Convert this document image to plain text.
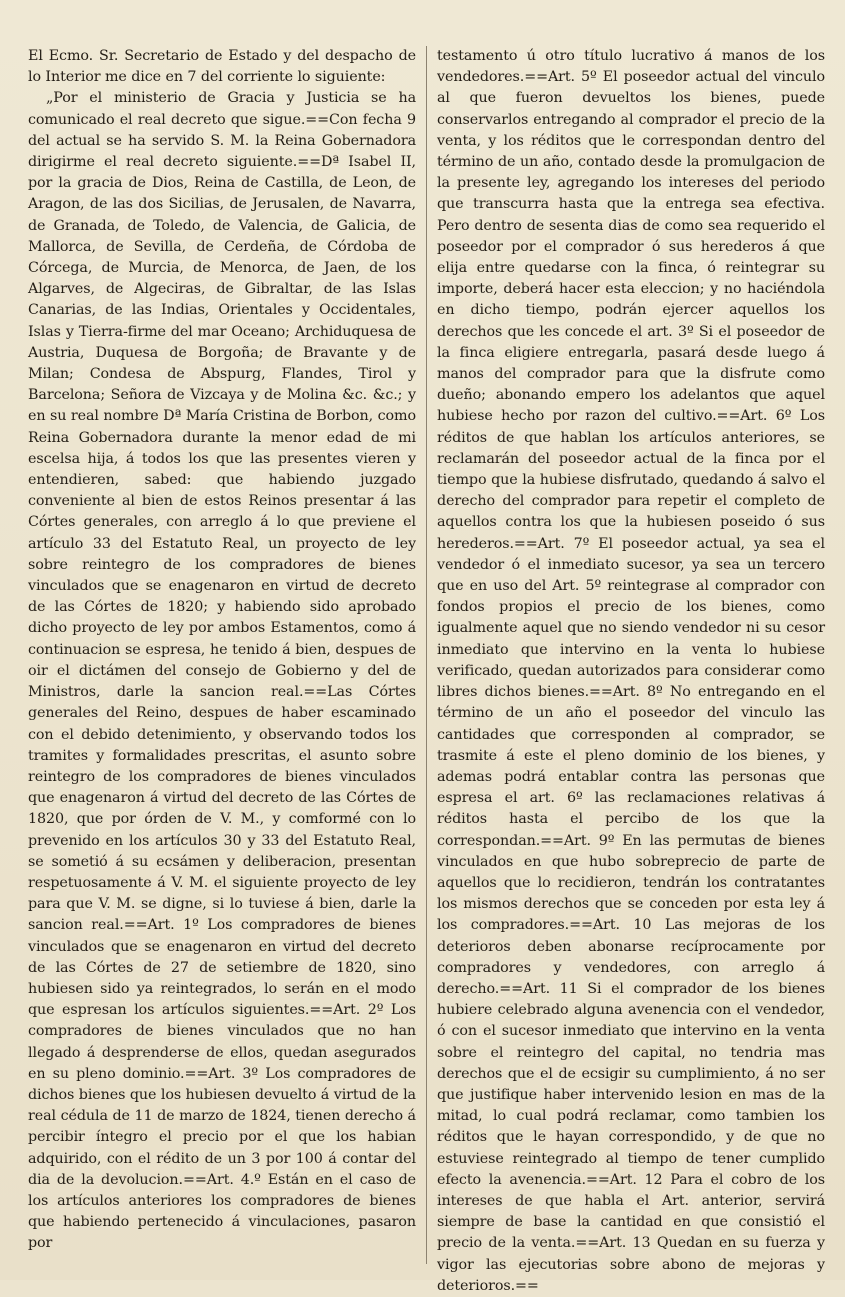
El Ecmo. Sr. Secretario de Estado y del despacho de lo Interior me dice en 7 del corriente lo siguiente:

„Por el ministerio de Gracia y Justicia se ha comunicado el real decreto que sigue.==Con fecha 9 del actual se ha servido S. M. la Reina Gobernadora dirigirme el real decreto siguiente.==Dª Isabel II, por la gracia de Dios, Reina de Castilla, de Leon, de Aragon, de las dos Sicilias, de Jerusalen, de Navarra, de Granada, de Toledo, de Valencia, de Galicia, de Mallorca, de Sevilla, de Cerdeña, de Córdoba de Córcega, de Murcia, de Menorca, de Jaen, de los Algarves, de Algeciras, de Gibraltar, de las Islas Canarias, de las Indias, Orientales y Occidentales, Islas y Tierra-firme del mar Oceano; Archiduquesa de Austria, Duquesa de Borgoña; de Bravante y de Milan; Condesa de Abspurg, Flandes, Tirol y Barcelona; Señora de Vizcaya y de Molina &c. &c.; y en su real nombre Dª María Cristina de Borbon, como Reina Gobernadora durante la menor edad de mi escelsa hija, á todos los que las presentes vieren y entendieren, sabed: que habiendo juzgado conveniente al bien de estos Reinos presentar á las Córtes generales, con arreglo á lo que previene el artículo 33 del Estatuto Real, un proyecto de ley sobre reintegro de los compradores de bienes vinculados que se enagenaron en virtud de decreto de las Córtes de 1820; y habiendo sido aprobado dicho proyecto de ley por ambos Estamentos, como á continuacion se espresa, he tenido á bien, despues de oir el dictámen del consejo de Gobierno y del de Ministros, darle la sancion real.==Las Córtes generales del Reino, despues de haber escaminado con el debido detenimiento, y observando todos los tramites y formalidades prescritas, el asunto sobre reintegro de los compradores de bienes vinculados que enagenaron á virtud del decreto de las Córtes de 1820, que por órden de V. M., y comformé con lo prevenido en los artículos 30 y 33 del Estatuto Real, se sometió á su ecsámen y deliberacion, presentan respetuosamente á V. M. el siguiente proyecto de ley para que V. M. se digne, si lo tuviese á bien, darle la sancion real.==Art. 1º Los compradores de bienes vinculados que se enagenaron en virtud del decreto de las Córtes de 27 de setiembre de 1820, sino hubiesen sido ya reintegrados, lo serán en el modo que espresan los artículos siguientes.==Art. 2º Los compradores de bienes vinculados que no han llegado á desprenderse de ellos, quedan asegurados en su pleno dominio.==Art. 3º Los compradores de dichos bienes que los hubiesen devuelto á virtud de la real cédula de 11 de marzo de 1824, tienen derecho á percibir íntegro el precio por el que los habian adquirido, con el rédito de un 3 por 100 á contar del dia de la devolucion.==Art. 4.º Están en el caso de los artículos anteriores los compradores de bienes que habiendo pertenecido á vinculaciones, pasaron por

testamento ú otro título lucrativo á manos de los vendedores.==Art. 5º El poseedor actual del vinculo al que fueron devueltos los bienes, puede conservarlos entregando al comprador el precio de la venta, y los réditos que le correspondan dentro del término de un año, contado desde la promulgacion de la presente ley, agregando los intereses del periodo que transcurra hasta que la entrega sea efectiva. Pero dentro de sesenta dias de como sea requerido el poseedor por el comprador ó sus herederos á que elija entre quedarse con la finca, ó reintegrar su importe, deberá hacer esta eleccion; y no haciéndola en dicho tiempo, podrán ejercer aquellos los derechos que les concede el art. 3º Si el poseedor de la finca eligiere entregarla, pasará desde luego á manos del comprador para que la disfrute como dueño; abonando empero los adelantos que aquel hubiese hecho por razon del cultivo.==Art. 6º Los réditos de que hablan los artículos anteriores, se reclamarán del poseedor actual de la finca por el tiempo que la hubiese disfrutado, quedando á salvo el derecho del comprador para repetir el completo de aquellos contra los que la hubiesen poseido ó sus herederos.==Art. 7º El poseedor actual, ya sea el vendedor ó el inmediato sucesor, ya sea un tercero que en uso del Art. 5º reintegrase al comprador con fondos propios el precio de los bienes, como igualmente aquel que no siendo vendedor ni su cesor inmediato que intervino en la venta lo hubiese verificado, quedan autorizados para considerar como libres dichos bienes.==Art. 8º No entregando en el término de un año el poseedor del vinculo las cantidades que corresponden al comprador, se trasmite á este el pleno dominio de los bienes, y ademas podrá entablar contra las personas que espresa el art. 6º las reclamaciones relativas á réditos hasta el percibo de los que la correspondan.==Art. 9º En las permutas de bienes vinculados en que hubo sobreprecio de parte de aquellos que lo recidieron, tendrán los contratantes los mismos derechos que se conceden por esta ley á los compradores.==Art. 10 Las mejoras de los deterioros deben abonarse recíprocamente por compradores y vendedores, con arreglo á derecho.==Art. 11 Si el comprador de los bienes hubiere celebrado alguna avenencia con el vendedor, ó con el sucesor inmediato que intervino en la venta sobre el reintegro del capital, no tendria mas derechos que el de ecsigir su cumplimiento, á no ser que justifique haber intervenido lesion en mas de la mitad, lo cual podrá reclamar, como tambien los réditos que le hayan correspondido, y de que no estuviese reintegrado al tiempo de tener cumplido efecto la avenencia.==Art. 12 Para el cobro de los intereses de que habla el Art. anterior, servirá siempre de base la cantidad en que consistió el precio de la venta.==Art. 13 Quedan en su fuerza y vigor las ejecutorias sobre abono de mejoras y deterioros.==
